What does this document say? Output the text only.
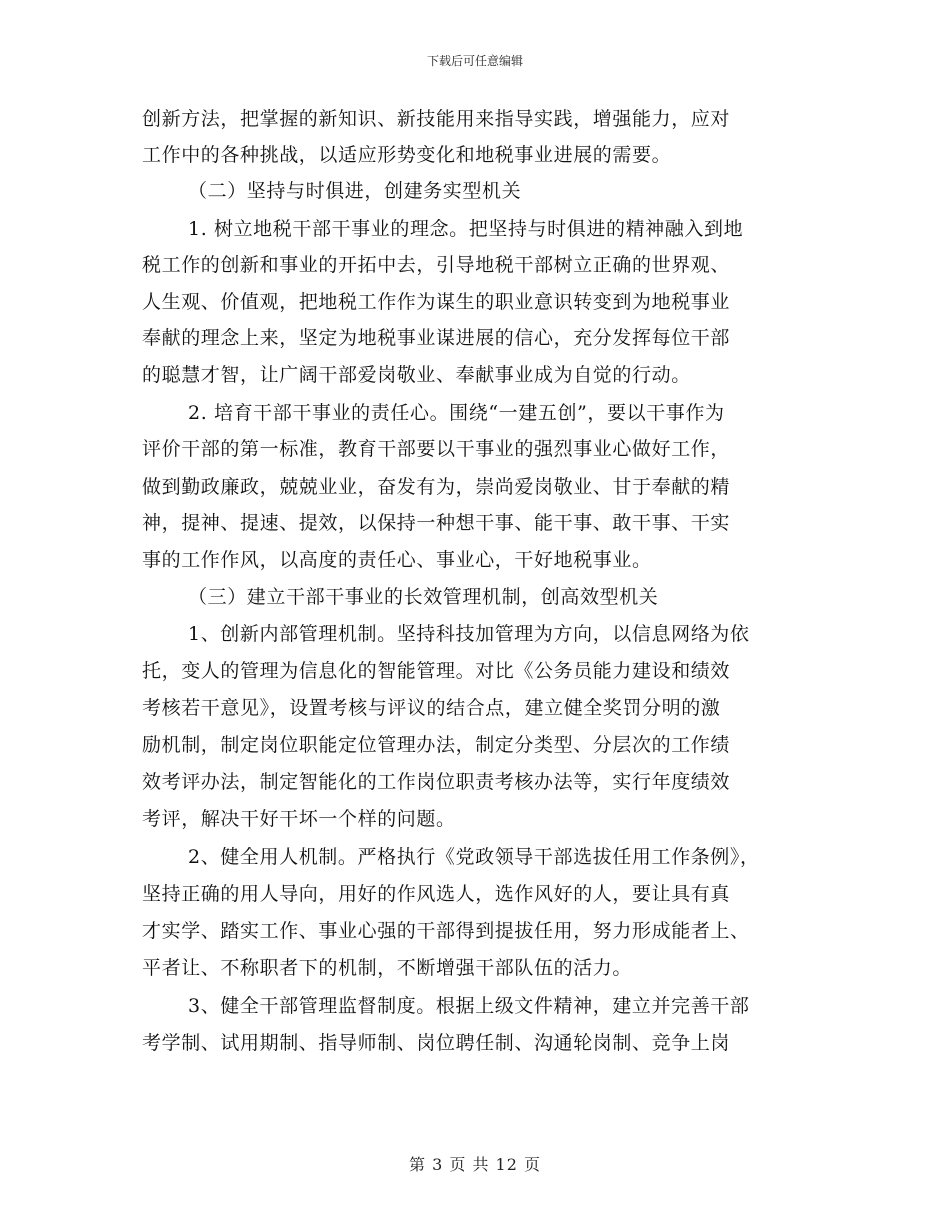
下载后可任意编辑
创新方法，把掌握的新知识、新技能用来指导实践，增强能力，应对
工作中的各种挑战，以适应形势变化和地税事业进展的需要。
（二）坚持与时俱进，创建务实型机关
1. 树立地税干部干事业的理念。把坚持与时俱进的精神融入到地
税工作的创新和事业的开拓中去，引导地税干部树立正确的世界观、
人生观、价值观，把地税工作作为谋生的职业意识转变到为地税事业
奉献的理念上来，坚定为地税事业谋进展的信心，充分发挥每位干部
的聪慧才智，让广阔干部爱岗敬业、奉献事业成为自觉的行动。
2. 培育干部干事业的责任心。围绕“一建五创”，要以干事作为
评价干部的第一标准，教育干部要以干事业的强烈事业心做好工作，
做到勤政廉政，兢兢业业，奋发有为，崇尚爱岗敬业、甘于奉献的精
神，提神、提速、提效，以保持一种想干事、能干事、敢干事、干实
事的工作作风，以高度的责任心、事业心，干好地税事业。
（三）建立干部干事业的长效管理机制，创高效型机关
1、创新内部管理机制。坚持科技加管理为方向，以信息网络为依
托，变人的管理为信息化的智能管理。对比《公务员能力建设和绩效
考核若干意见》，设置考核与评议的结合点，建立健全奖罚分明的激
励机制，制定岗位职能定位管理办法，制定分类型、分层次的工作绩
效考评办法，制定智能化的工作岗位职责考核办法等，实行年度绩效
考评，解决干好干坏一个样的问题。
2、健全用人机制。严格执行《党政领导干部选拔任用工作条例》，
坚持正确的用人导向，用好的作风选人，选作风好的人，要让具有真
才实学、踏实工作、事业心强的干部得到提拔任用，努力形成能者上、
平者让、不称职者下的机制，不断增强干部队伍的活力。
3、健全干部管理监督制度。根据上级文件精神，建立并完善干部
考学制、试用期制、指导师制、岗位聘任制、沟通轮岗制、竞争上岗
第 3 页 共 12 页
